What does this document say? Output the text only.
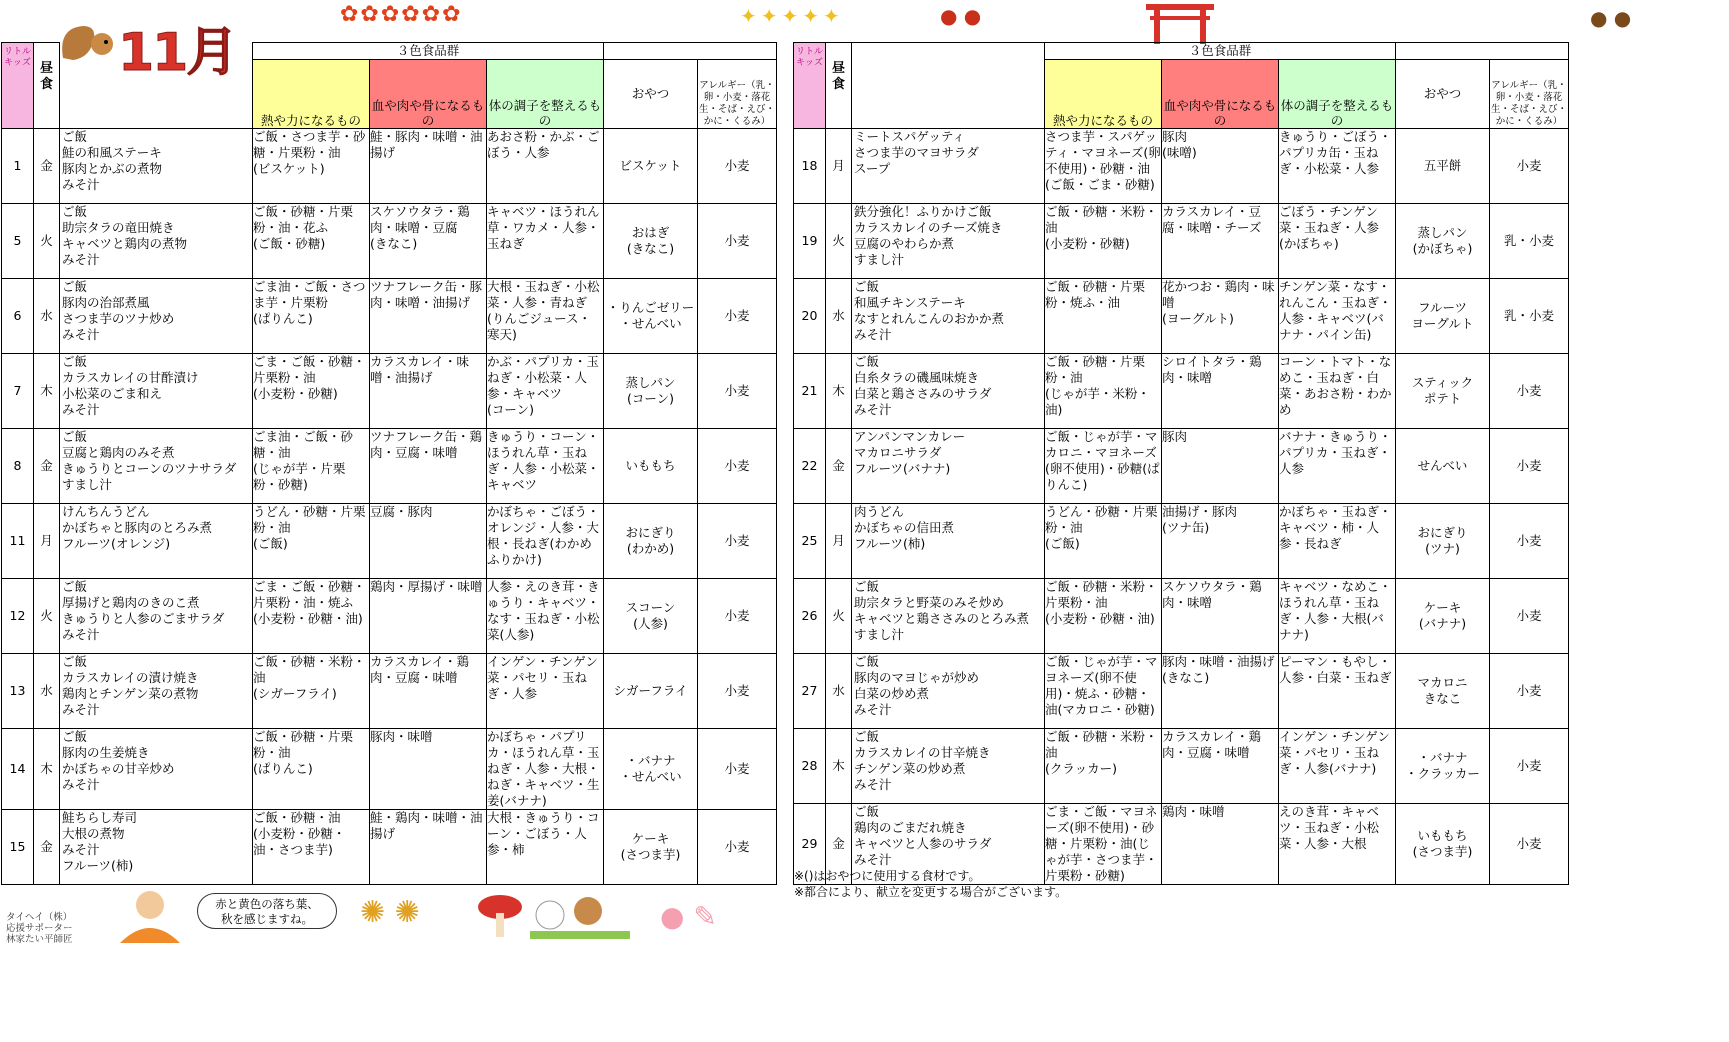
11月
✿✿✿✿✿✿	● ●
✦✦✦✦✦	● ●
リトルキッズ	昼食		３色食品群				
			熱や力になるもの	血や肉や骨になるもの	体の調子を整えるもの	おやつ	アレルギー（乳・卵・小麦・落花生・そば・えび・かに・くるみ）
1	金	ご飯
鮭の和風ステーキ
豚肉とかぶの煮物
みそ汁	ご飯・さつま芋・砂糖・片栗粉・油
(ビスケット)	鮭・豚肉・味噌・油揚げ	あおさ粉・かぶ・ごぼう・人参	ビスケット	小麦
5	火	ご飯
助宗タラの竜田焼き
キャベツと鶏肉の煮物
みそ汁	ご飯・砂糖・片栗粉・油・花ふ
(ご飯・砂糖)	スケソウタラ・鶏肉・味噌・豆腐
(きなこ)	キャベツ・ほうれん草・ワカメ・人参・玉ねぎ	おはぎ
(きなこ)	小麦
6	水	ご飯
豚肉の治部煮風
さつま芋のツナ炒め
みそ汁	ごま油・ご飯・さつま芋・片栗粉
(ぱりんこ)	ツナフレーク缶・豚肉・味噌・油揚げ	大根・玉ねぎ・小松菜・人参・青ねぎ(りんごジュース・寒天)	・りんごゼリー
・せんべい	小麦
7	木	ご飯
カラスカレイの甘酢漬け
小松菜のごま和え
みそ汁	ごま・ご飯・砂糖・片栗粉・油
(小麦粉・砂糖)	カラスカレイ・味噌・油揚げ	かぶ・パプリカ・玉ねぎ・小松菜・人参・キャベツ
(コーン)	蒸しパン
(コーン)	小麦
8	金	ご飯
豆腐と鶏肉のみそ煮
きゅうりとコーンのツナサラダ
すまし汁	ごま油・ご飯・砂糖・油
(じゃが芋・片栗粉・砂糖)	ツナフレーク缶・鶏肉・豆腐・味噌	きゅうり・コーン・ほうれん草・玉ねぎ・人参・小松菜・キャベツ	いももち	小麦
11	月	けんちんうどん
かぼちゃと豚肉のとろみ煮
フルーツ(オレンジ)	うどん・砂糖・片栗粉・油
(ご飯)	豆腐・豚肉	かぼちゃ・ごぼう・オレンジ・人参・大根・長ねぎ(わかめふりかけ)	おにぎり
(わかめ)	小麦
12	火	ご飯
厚揚げと鶏肉のきのこ煮
きゅうりと人参のごまサラダ
みそ汁	ごま・ご飯・砂糖・片栗粉・油・焼ふ
(小麦粉・砂糖・油)	鶏肉・厚揚げ・味噌	人参・えのき茸・きゅうり・キャベツ・なす・玉ねぎ・小松菜(人参)	スコーン
(人参)	小麦
13	水	ご飯
カラスカレイの漬け焼き
鶏肉とチンゲン菜の煮物
みそ汁	ご飯・砂糖・米粉・油
(シガーフライ)	カラスカレイ・鶏肉・豆腐・味噌	インゲン・チンゲン菜・パセリ・玉ねぎ・人参	シガーフライ	小麦
14	木	ご飯
豚肉の生姜焼き
かぼちゃの甘辛炒め
みそ汁	ご飯・砂糖・片栗粉・油
(ぱりんこ)	豚肉・味噌	かぼちゃ・パプリカ・ほうれん草・玉ねぎ・人参・大根・ねぎ・キャベツ・生姜(バナナ)	・バナナ
・せんべい	小麦
15	金	鮭ちらし寿司
大根の煮物
みそ汁
フルーツ(柿)	ご飯・砂糖・油
(小麦粉・砂糖・油・さつま芋)	鮭・鶏肉・味噌・油揚げ	大根・きゅうり・コーン・ごぼう・人参・柿	ケーキ
(さつま芋)	小麦
リトルキッズ	昼食		３色食品群				
			熱や力になるもの	血や肉や骨になるもの	体の調子を整えるもの	おやつ	アレルギー（乳・卵・小麦・落花生・そば・えび・かに・くるみ）
18	月	ミートスパゲッティ
さつま芋のマヨサラダ
スープ	さつま芋・スパゲッティ・マヨネーズ(卵不使用)・砂糖・油(ご飯・ごま・砂糖)	豚肉
(味噌)	きゅうり・ごぼう・パプリカ缶・玉ねぎ・小松菜・人参	五平餅	小麦
19	火	鉄分強化！ふりかけご飯
カラスカレイのチーズ焼き
豆腐のやわらか煮
すまし汁	ご飯・砂糖・米粉・油
(小麦粉・砂糖)	カラスカレイ・豆腐・味噌・チーズ	ごぼう・チンゲン菜・玉ねぎ・人参
(かぼちゃ)	蒸しパン
(かぼちゃ)	乳・小麦
20	水	ご飯
和風チキンステーキ
なすとれんこんのおかか煮
みそ汁	ご飯・砂糖・片栗粉・焼ふ・油	花かつお・鶏肉・味噌
(ヨーグルト)	チンゲン菜・なす・れんこん・玉ねぎ・人参・キャベツ(バナナ・パイン缶)	フルーツ
ヨーグルト	乳・小麦
21	木	ご飯
白糸タラの磯風味焼き
白菜と鶏ささみのサラダ
みそ汁	ご飯・砂糖・片栗粉・油
(じゃが芋・米粉・油)	シロイトタラ・鶏肉・味噌	コーン・トマト・なめこ・玉ねぎ・白菜・あおさ粉・わかめ	スティック
ポテト	小麦
22	金	アンパンマンカレー
マカロニサラダ
フルーツ(バナナ)	ご飯・じゃが芋・マカロニ・マヨネーズ(卵不使用)・砂糖(ぱりんこ)	豚肉	バナナ・きゅうり・パプリカ・玉ねぎ・人参	せんべい	小麦
25	月	肉うどん
かぼちゃの信田煮
フルーツ(柿)	うどん・砂糖・片栗粉・油
(ご飯)	油揚げ・豚肉
(ツナ缶)	かぼちゃ・玉ねぎ・キャベツ・柿・人参・長ねぎ	おにぎり
(ツナ)	小麦
26	火	ご飯
助宗タラと野菜のみそ炒め
キャベツと鶏ささみのとろみ煮
すまし汁	ご飯・砂糖・米粉・片栗粉・油
(小麦粉・砂糖・油)	スケソウタラ・鶏肉・味噌	キャベツ・なめこ・ほうれん草・玉ねぎ・人参・大根(バナナ)	ケーキ
(バナナ)	小麦
27	水	ご飯
豚肉のマヨじゃが炒め
白菜の炒め煮
みそ汁	ご飯・じゃが芋・マヨネーズ(卵不使用)・焼ふ・砂糖・油(マカロニ・砂糖)	豚肉・味噌・油揚げ
(きなこ)	ピーマン・もやし・人参・白菜・玉ねぎ	マカロニ
きなこ	小麦
28	木	ご飯
カラスカレイの甘辛焼き
チンゲン菜の炒め煮
みそ汁	ご飯・砂糖・米粉・油
(クラッカー)	カラスカレイ・鶏肉・豆腐・味噌	インゲン・チンゲン菜・パセリ・玉ねぎ・人参(バナナ)	・バナナ
・クラッカー	小麦
29	金	ご飯
鶏肉のごまだれ焼き
キャベツと人参のサラダ
みそ汁	ごま・ご飯・マヨネーズ(卵不使用)・砂糖・片栗粉・油(じゃが芋・さつま芋・片栗粉・砂糖)	鶏肉・味噌	えのき茸・キャベツ・玉ねぎ・小松菜・人参・大根	いももち
(さつま芋)	小麦
※()はおやつに使用する食材です。
※都合により、献立を変更する場合がございます。
赤と黄色の落ち葉、
秋を感じますね。
タイヘイ（株）
応援サポーター
林家たい平師匠
✺ ✺	● ✎
